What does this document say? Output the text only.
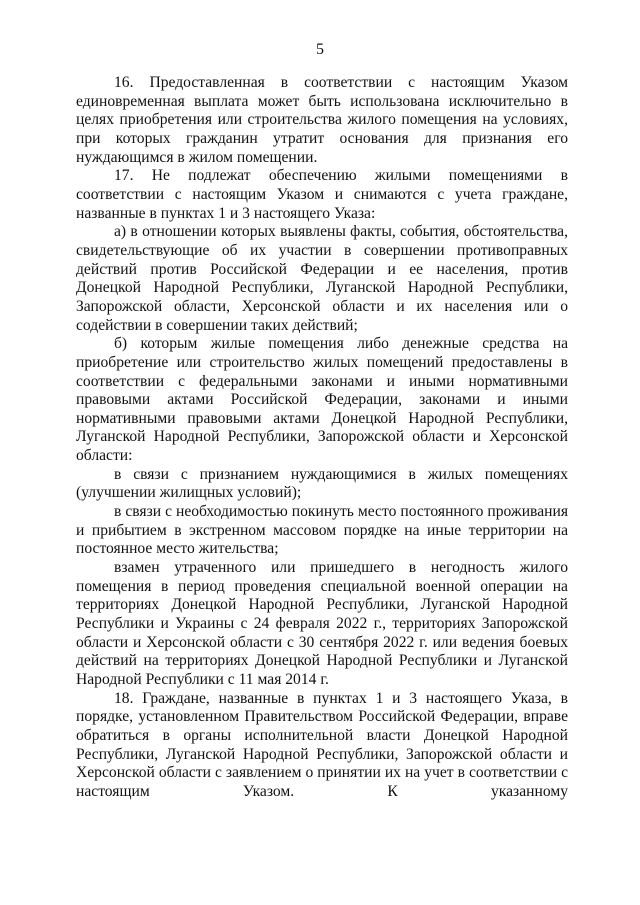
5

16. Предоставленная в соответствии с настоящим Указом единовременная выплата может быть использована исключительно в целях приобретения или строительства жилого помещения на условиях, при которых гражданин утратит основания для признания его нуждающимся в жилом помещении.

17. Не подлежат обеспечению жилыми помещениями в соответствии с настоящим Указом и снимаются с учета граждане, названные в пунктах 1 и 3 настоящего Указа:

а) в отношении которых выявлены факты, события, обстоятельства, свидетельствующие об их участии в совершении противоправных действий против Российской Федерации и ее населения, против Донецкой Народной Республики, Луганской Народной Республики, Запорожской области, Херсонской области и их населения или о содействии в совершении таких действий;

б) которым жилые помещения либо денежные средства на приобретение или строительство жилых помещений предоставлены в соответствии с федеральными законами и иными нормативными правовыми актами Российской Федерации, законами и иными нормативными правовыми актами Донецкой Народной Республики, Луганской Народной Республики, Запорожской области и Херсонской области:

в связи с признанием нуждающимися в жилых помещениях (улучшении жилищных условий);

в связи с необходимостью покинуть место постоянного проживания и прибытием в экстренном массовом порядке на иные территории на постоянное место жительства;

взамен утраченного или пришедшего в негодность жилого помещения в период проведения специальной военной операции на территориях Донецкой Народной Республики, Луганской Народной Республики и Украины с 24 февраля 2022 г., территориях Запорожской области и Херсонской области с 30 сентября 2022 г. или ведения боевых действий на территориях Донецкой Народной Республики и Луганской Народной Республики с 11 мая 2014 г.

18. Граждане, названные в пунктах 1 и 3 настоящего Указа, в порядке, установленном Правительством Российской Федерации, вправе обратиться в органы исполнительной власти Донецкой Народной Республики, Луганской Народной Республики, Запорожской области и Херсонской области с заявлением о принятии их на учет в соответствии с настоящим Указом. К указанному
